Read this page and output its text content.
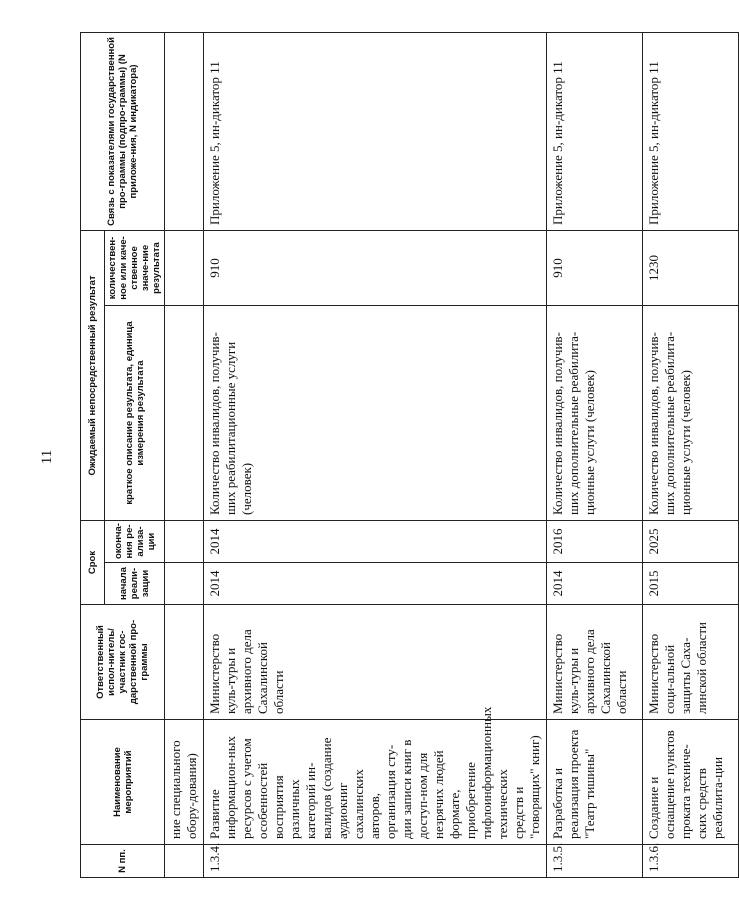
11
N пп.	Наименование мероприятий	Ответственный испол-нитель/участник гос-дарственной про-граммы	Срок		Ожидаемый непосредственный результат		Связь с показателями государственной про-граммы (подпро-граммы) (N приложе-ния, N индикатора)
			начала реали-зации	оконча-ния ре-ализа-ции	краткое описание результата, единица измерения результата	количествен-ное или каче-ственное значе-ние результата	
	ние специального обору-дования)						
1.3.4.	Развитие информацион-ных ресурсов с учетом особенностей восприятия различных категорий ин-валидов (создание аудиокниг сахалинских авторов, организация сту-дии записи книг в доступ-ном для незрячих людей формате, приобретение тифлоинформационных технических средств и "говорящих" книг)	Министерство куль-туры и архивного дела Сахалинской области	2014	2014	Количество инвалидов, получив-ших реабилитационные услуги (человек)	910	Приложение 5, ин-дикатор 11
1.3.5.	Разработка и реализация проекта "Театр тишины"	Министерство куль-туры и архивного дела Сахалинской области	2014	2016	Количество инвалидов, получив-ших дополнительные реабилита-ционные услуги (человек)	910	Приложение 5, ин-дикатор 11
1.3.6.	Создание и оснащение пунктов проката техниче-ских средств реабилита-ции	Министерство соци-альной защиты Саха-линской области	2015	2025	Количество инвалидов, получив-ших дополнительные реабилита-ционные услуги (человек)	1230	Приложение 5, ин-дикатор 11
